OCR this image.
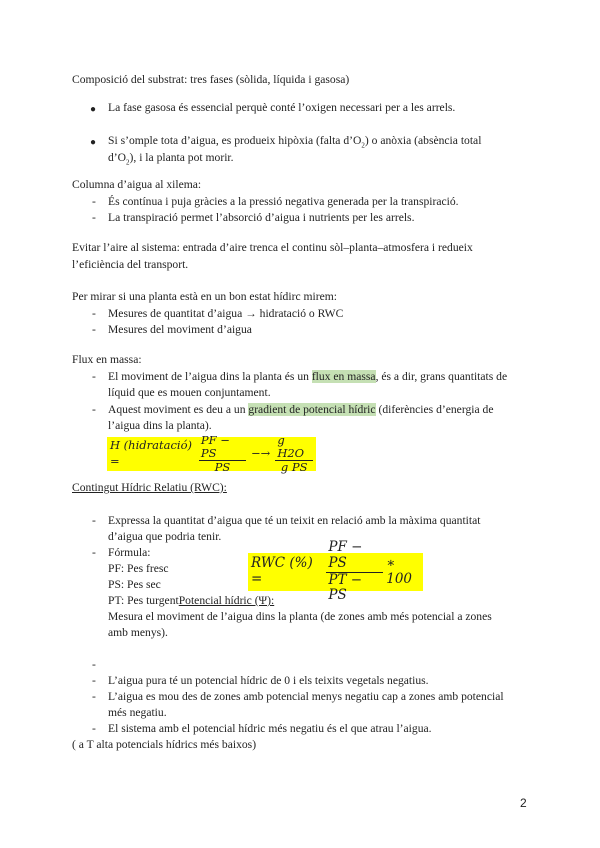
Composició del substrat: tres fases (sòlida, líquida i gasosa)
● La fase gasosa és essencial perquè conté l’oxigen necessari per a les arrels.
● Si s’omple tota d’aigua, es produeix hipòxia (falta $d’O_2$) o anòxia (absència total
$d’O_2$), i la planta pot morir.
Columna d’aigua al xilema:
- És contínua i puja gràcies a la pressió negativa generada per la transpiració.
- La transpiració permet l’absorció d’aigua i nutrients per les arrels.
Evitar l’aire al sistema: entrada d’aire trenca el continu sòl–planta–atmosfera i redueix
l’eficiència del transport.
Per mirar si una planta està en un bon estat hídirc mirem:
- Mesures de quantitat d’aigua → hidratació o RWC
- Mesures del moviment d’aigua
Flux en massa:
- El moviment de l’aigua dins la planta és un flux en massa, és a dir, grans quantitats de
líquid que es mouen conjuntament.
- Aquest moviment es deu a un gradient de potencial hídric (diferències d’energia de
l’aigua dins la planta).
H (hidratació) =	$\frac{PF - PS}{PS} -\to \frac{\text{g H2O}}{\text{g PS}}$
Contingut Hídric Relatiu (RWC):
- Expressa la quantitat d’aigua que té un teixit en relació amb la màxima quantitat
d’aigua que podria tenir.
- Fórmula:
PF: Pes fresc
PS: Pes sec
PT: Pes turgentPotencial hídric (Ψ):
Mesura el moviment de l’aigua dins la planta (de zones amb més potencial a zones
amb menys).
RWC (%) =	$\frac{PF - PS}{PT - PS}$ ∗ 100
-
- L’aigua pura té un potencial hídric de 0 i els teixits vegetals negatius.
- L’aigua es mou des de zones amb potencial menys negatiu cap a zones amb potencial
més negatiu.
- El sistema amb el potencial hídric més negatiu és el que atrau l’aigua.
( a T alta potencials hídrics més baixos)
2
